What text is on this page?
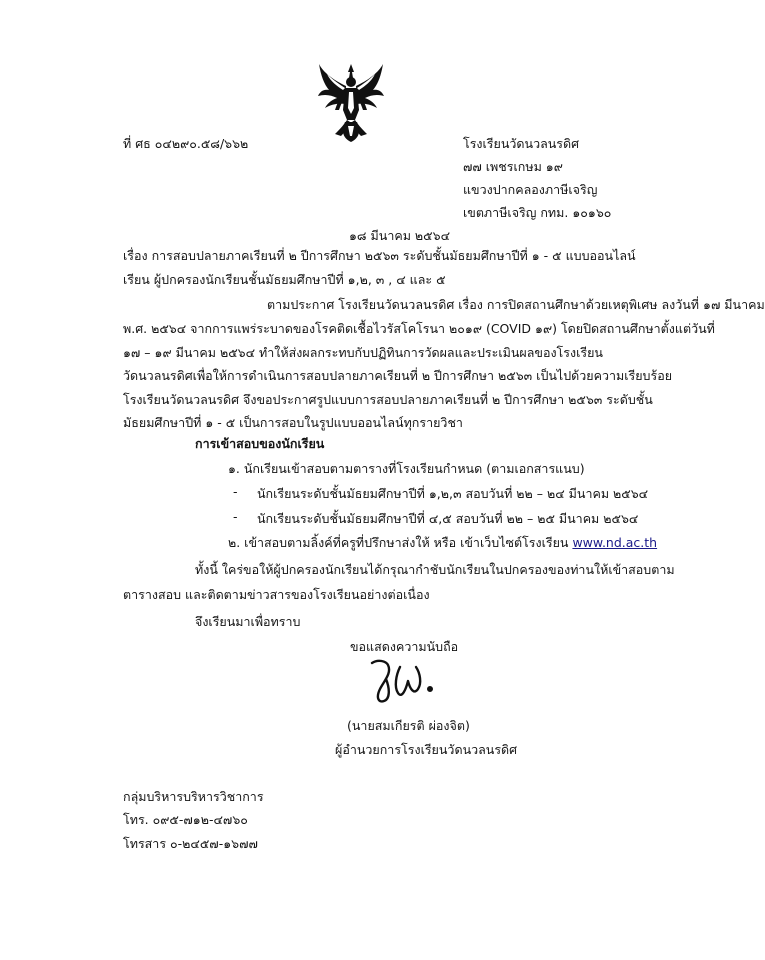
ที่ ศธ ๐๔๒๙๐.๕๘/๖๖๒	โรงเรียนวัดนวลนรดิศ
๗๗ เพชรเกษม ๑๙
แขวงปากคลองภาษีเจริญ
เขตภาษีเจริญ กทม. ๑๐๑๖๐
๑๘ มีนาคม ๒๕๖๔
เรื่อง การสอบปลายภาคเรียนที่ ๒ ปีการศึกษา ๒๕๖๓ ระดับชั้นมัธยมศึกษาปีที่ ๑ - ๕ แบบออนไลน์
เรียน ผู้ปกครองนักเรียนชั้นมัธยมศึกษาปีที่ ๑,๒, ๓ , ๔ และ ๕
ตามประกาศ โรงเรียนวัดนวลนรดิศ เรื่อง การปิดสถานศึกษาด้วยเหตุพิเศษ ลงวันที่ ๑๗ มีนาคม
พ.ศ. ๒๕๖๔ จากการแพร่ระบาดของโรคติดเชื้อไวรัสโคโรนา ๒๐๑๙ (COVID ๑๙) โดยปิดสถานศึกษาตั้งแต่วันที่
๑๗ – ๑๙ มีนาคม ๒๕๖๔ ทำให้ส่งผลกระทบกับปฏิทินการวัดผลและประเมินผลของโรงเรียน
วัดนวลนรดิศเพื่อให้การดำเนินการสอบปลายภาคเรียนที่ ๒ ปีการศึกษา ๒๕๖๓ เป็นไปด้วยความเรียบร้อย
โรงเรียนวัดนวลนรดิศ จึงขอประกาศรูปแบบการสอบปลายภาคเรียนที่ ๒ ปีการศึกษา ๒๕๖๓ ระดับชั้น
มัธยมศึกษาปีที่ ๑ - ๕ เป็นการสอบในรูปแบบออนไลน์ทุกรายวิชา
การเข้าสอบของนักเรียน
๑. นักเรียนเข้าสอบตามตารางที่โรงเรียนกำหนด (ตามเอกสารแนบ)
- นักเรียนระดับชั้นมัธยมศึกษาปีที่ ๑,๒,๓ สอบวันที่ ๒๒ – ๒๔ มีนาคม ๒๕๖๔
- นักเรียนระดับชั้นมัธยมศึกษาปีที่ ๔,๕ สอบวันที่ ๒๒ – ๒๕ มีนาคม ๒๕๖๔
๒. เข้าสอบตามลิ้งค์ที่ครูที่ปรึกษาส่งให้ หรือ เข้าเว็บไซต์โรงเรียน www.nd.ac.th
ทั้งนี้ ใคร่ขอให้ผู้ปกครองนักเรียนได้กรุณากำชับนักเรียนในปกครองของท่านให้เข้าสอบตาม
ตารางสอบ และติดตามข่าวสารของโรงเรียนอย่างต่อเนื่อง
จึงเรียนมาเพื่อทราบ
ขอแสดงความนับถือ
(นายสมเกียรติ ผ่องจิต)
ผู้อำนวยการโรงเรียนวัดนวลนรดิศ
กลุ่มบริหารบริหารวิชาการ
โทร. ๐๙๕-๗๑๒-๔๗๖๐
โทรสาร ๐-๒๔๕๗-๑๖๗๗
